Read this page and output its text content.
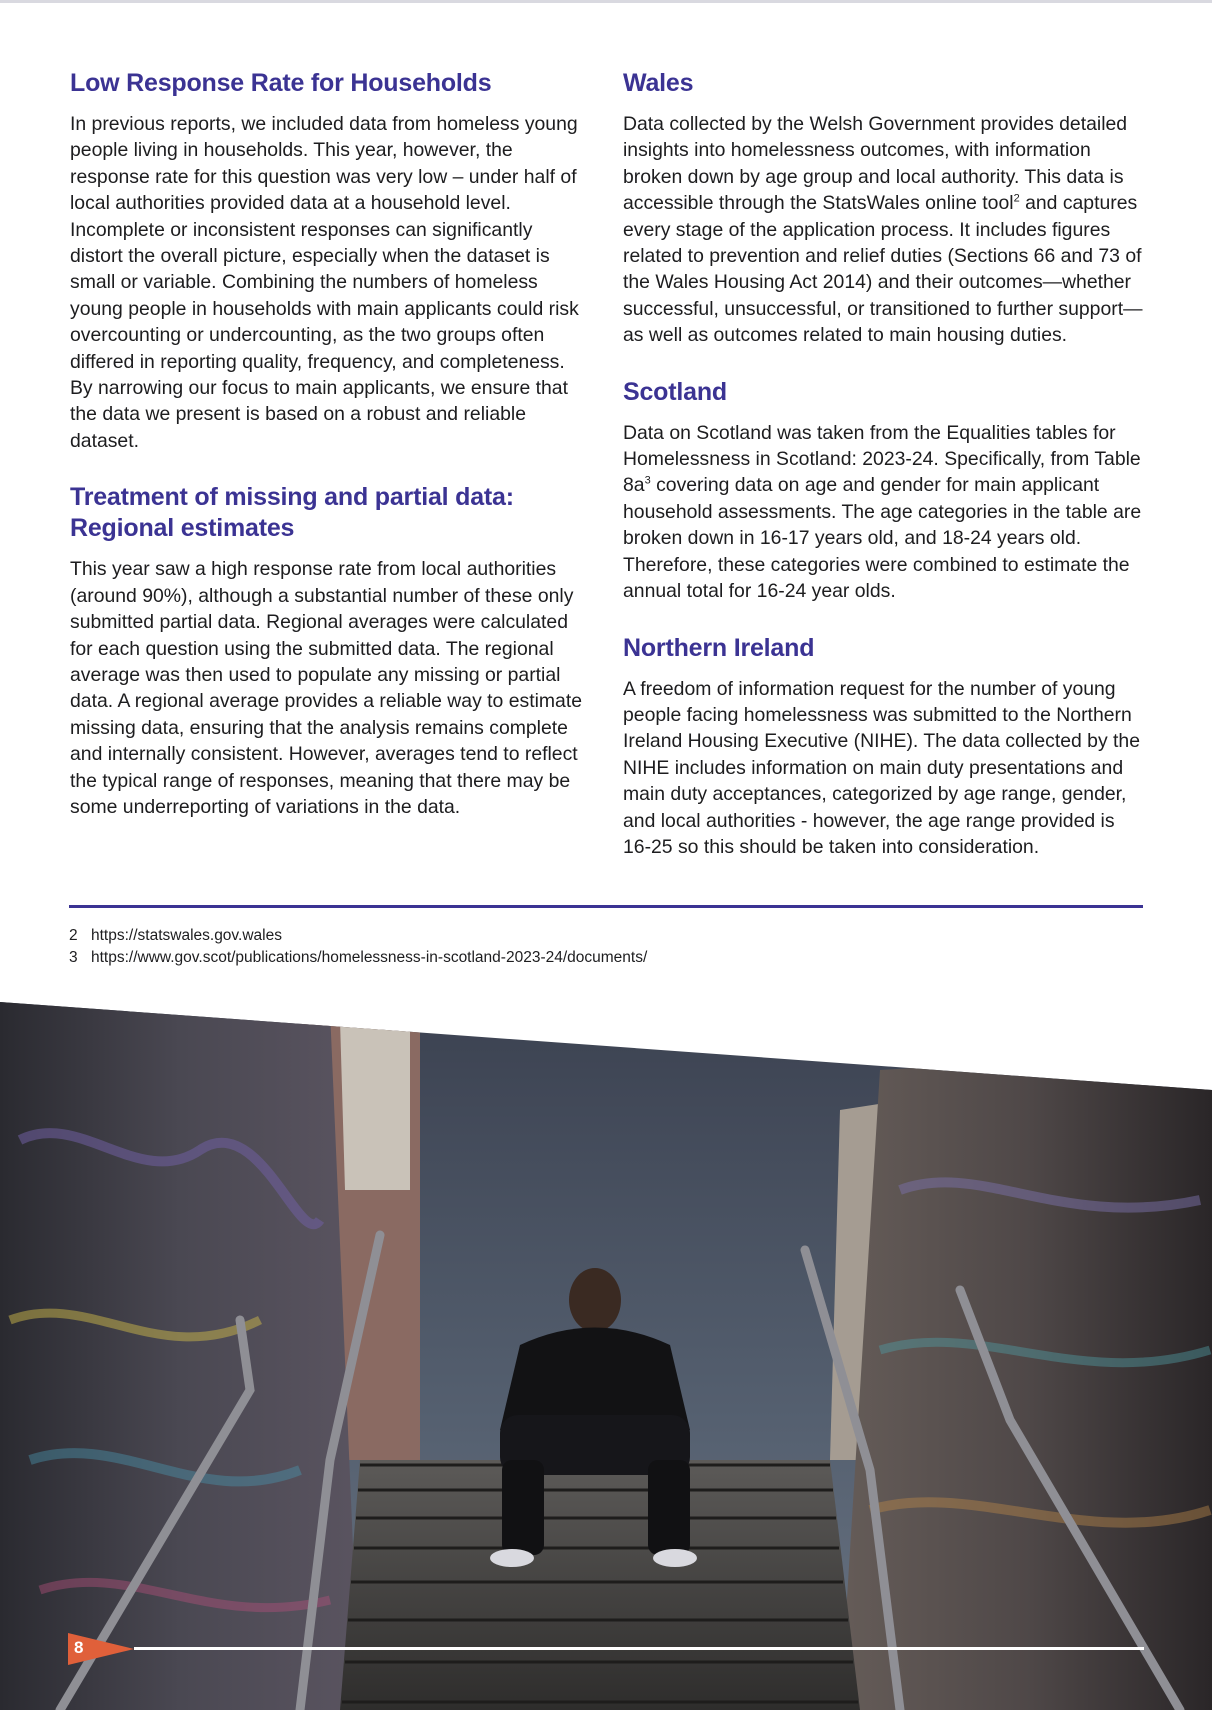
Low Response Rate for Households

In previous reports, we included data from homeless young people living in households. This year, however, the response rate for this question was very low – under half of local authorities provided data at a household level. Incomplete or inconsistent responses can significantly distort the overall picture, especially when the dataset is small or variable. Combining the numbers of homeless young people in households with main applicants could risk overcounting or undercounting, as the two groups often differed in reporting quality, frequency, and completeness. By narrowing our focus to main applicants, we ensure that the data we present is based on a robust and reliable dataset.

Treatment of missing and partial data: Regional estimates

This year saw a high response rate from local authorities (around 90%), although a substantial number of these only submitted partial data. Regional averages were calculated for each question using the submitted data. The regional average was then used to populate any missing or partial data. A regional average provides a reliable way to estimate missing data, ensuring that the analysis remains complete and internally consistent. However, averages tend to reflect the typical range of responses, meaning that there may be some underreporting of variations in the data.

Wales

Data collected by the Welsh Government provides detailed insights into homelessness outcomes, with information broken down by age group and local authority. This data is accessible through the StatsWales online tool$^2$ and captures every stage of the application process. It includes figures related to prevention and relief duties (Sections 66 and 73 of the Wales Housing Act 2014) and their outcomes—whether successful, unsuccessful, or transitioned to further support—as well as outcomes related to main housing duties.

Scotland

Data on Scotland was taken from the Equalities tables for Homelessness in Scotland: 2023-24. Specifically, from Table $8a^3$ covering data on age and gender for main applicant household assessments. The age categories in the table are broken down in 16-17 years old, and 18-24 years old. Therefore, these categories were combined to estimate the annual total for 16-24 year olds.

Northern Ireland

A freedom of information request for the number of young people facing homelessness was submitted to the Northern Ireland Housing Executive (NIHE). The data collected by the NIHE includes information on main duty presentations and main duty acceptances, categorized by age range, gender, and local authorities - however, the age range provided is 16-25 so this should be taken into consideration.

2 https://statswales.gov.wales
3 https://www.gov.scot/publications/homelessness-in-scotland-2023-24/documents/
8
